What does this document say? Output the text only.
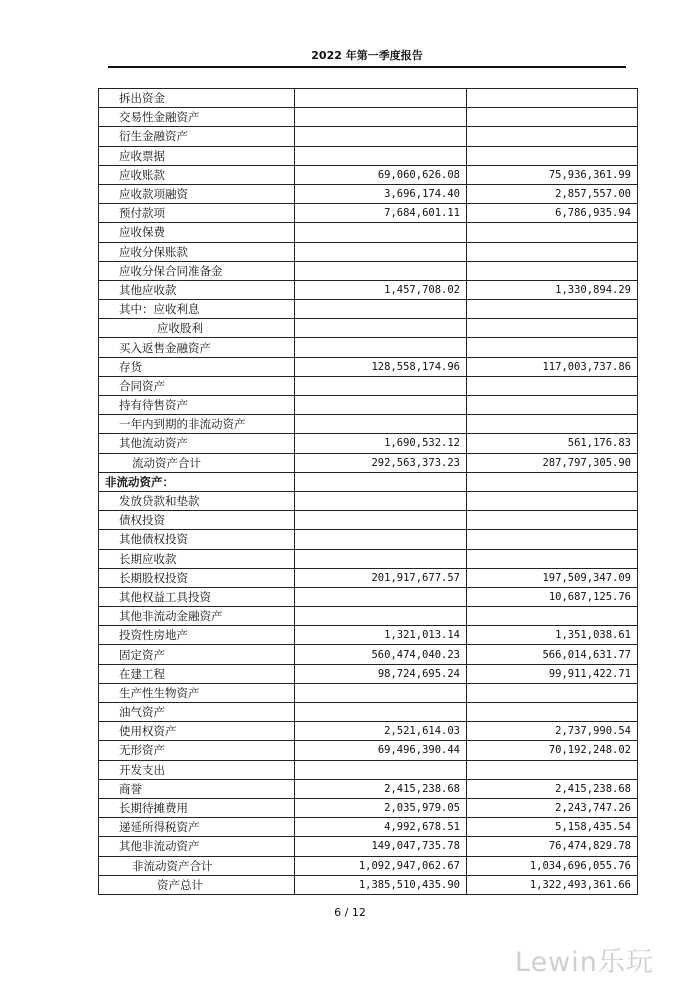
2022 年第一季度报告
拆出资金		
交易性金融资产		
衍生金融资产		
应收票据		
应收账款	69,060,626.08	75,936,361.99
应收款项融资	3,696,174.40	2,857,557.00
预付款项	7,684,601.11	6,786,935.94
应收保费		
应收分保账款		
应收分保合同准备金		
其他应收款	1,457,708.02	1,330,894.29
其中：应收利息		
应收股利		
买入返售金融资产		
存货	128,558,174.96	117,003,737.86
合同资产		
持有待售资产		
一年内到期的非流动资产		
其他流动资产	1,690,532.12	561,176.83
流动资产合计	292,563,373.23	287,797,305.90
非流动资产：		
发放贷款和垫款		
债权投资		
其他债权投资		
长期应收款		
长期股权投资	201,917,677.57	197,509,347.09
其他权益工具投资		10,687,125.76
其他非流动金融资产		
投资性房地产	1,321,013.14	1,351,038.61
固定资产	560,474,040.23	566,014,631.77
在建工程	98,724,695.24	99,911,422.71
生产性生物资产		
油气资产		
使用权资产	2,521,614.03	2,737,990.54
无形资产	69,496,390.44	70,192,248.02
开发支出		
商誉	2,415,238.68	2,415,238.68
长期待摊费用	2,035,979.05	2,243,747.26
递延所得税资产	4,992,678.51	5,158,435.54
其他非流动资产	149,047,735.78	76,474,829.78
非流动资产合计	1,092,947,062.67	1,034,696,055.76
资产总计	1,385,510,435.90	1,322,493,361.66
6 / 12
Lewin乐玩
